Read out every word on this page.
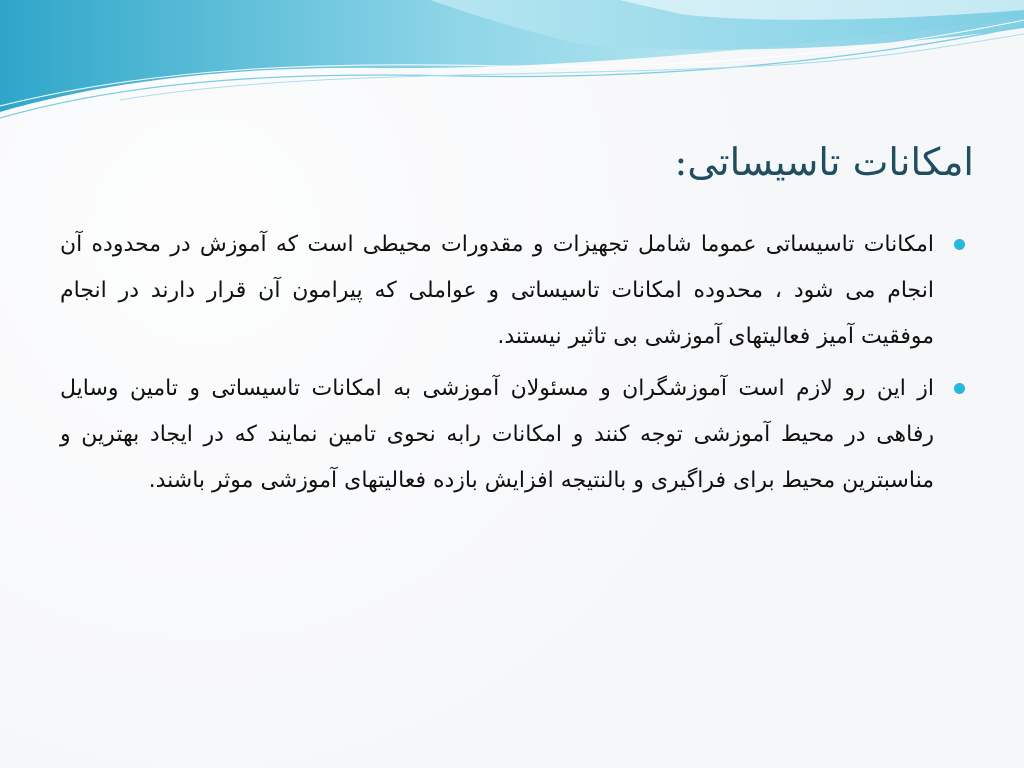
امکانات تاسیساتی:
امکانات تاسیساتی عموما شامل تجهیزات و مقدورات محیطی است که آموزش در محدوده آن انجام می شود ، محدوده امکانات تاسیساتی و عواملی که پیرامون آن قرار دارند در انجام موفقیت آمیز فعالیتهای آموزشی بی تاثیر نیستند.
از این رو لازم است آموزشگران و مسئولان آموزشی به امکانات تاسیساتی و تامین وسایل رفاهی در محیط آموزشی توجه کنند و امکانات رابه نحوی تامین نمایند که در ایجاد بهترین و مناسبترین محیط برای فراگیری و بالنتیجه افزایش بازده فعالیتهای آموزشی موثر باشند.
